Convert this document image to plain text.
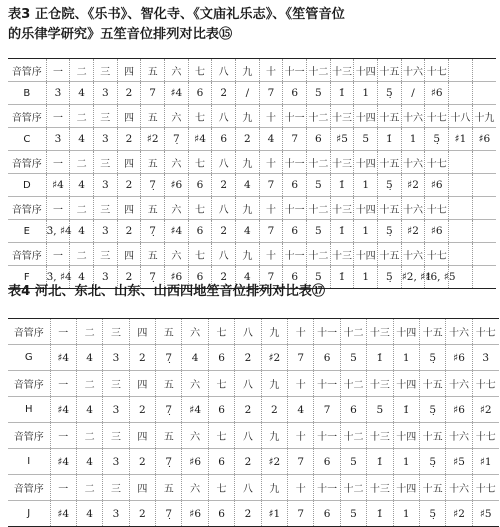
表3 正仓院、《乐书》、智化寺、《文庙礼乐志》、《笙管音位
的乐律学研究》五笙音位排列对比表⑮
音管序	一	二	三	四	五	六	七	八	九	十	十一	十二	十三	十四	十五	十六	十七		
B	3̇	4	3	2	7	♯4	6	2̇	/	7	6	5	1̇	1	5̣	/	♯6		
音管序	一	二	三	四	五	六	七	八	九	十	十一	十二	十三	十四	十五	十六	十七	十八	十九
C	3̇	4	3	2	♯2	7̣	♯4	6	2̇	4̇	7	6	♯5	5	1̇	1	5̣	♯1	♯6
音管序	一	二	三	四	五	六	七	八	九	十	十一	十二	十三	十四	十五	十六	十七		
D	♯4	4	3	2	7̣	♯6	6	2̇	4̇	7	6	5	1̇	1	5̣	♯2	♯6		
音管序	一	二	三	四	五	六	七	八	九	十	十一	十二	十三	十四	十五	十六	十七		
E	3̇, ♯4	4	3	2	7̣	♯4	6	2̇	4̇	7	6	5	1̇	1	5̣	♯2	♯6		
音管序	一	二	三	四	五	六	七	八	九	十	十一	十二	十三	十四	十五	十六	十七		
F	3̇, ♯4	4	3	2	7̣	♯6	6	2̇	4̇	7	6	5	1̇	1	5̣	♯2, ♯1	♯6, ♯5		
表4 河北、东北、山东、山西四地笙音位排列对比表⑰
音管序	一	二	三	四	五	六	七	八	九	十	十一	十二	十三	十四	十五	十六	十七
G	♯4	4	3	2	7̣	4	6	2̇	♯2	7	6	5	1̇	1	5̣	♯6	3̇
音管序	一	二	三	四	五	六	七	八	九	十	十一	十二	十三	十四	十五	十六	十七
H	♯4	4	3	2	7̣	♯4	6	2̇	2	4	7	6	5	1̇	5̣	♯6	♯2
音管序	一	二	三	四	五	六	七	八	九	十	十一	十二	十三	十四	十五	十六	十七
I	♯4	4	3	2	7̣	♯6	6	2̇	♯2	7	6	5	1̇	1	5̣	♯5	♯1
音管序	一	二	三	四	五	六	七	八	九	十	十一	十二	十三	十四	十五	十六	十七
J	♯4	4	3	2	7̣	♯6	6	2̇	♯1	7	6	5	1̇	1	5̣	♯2	♯5
